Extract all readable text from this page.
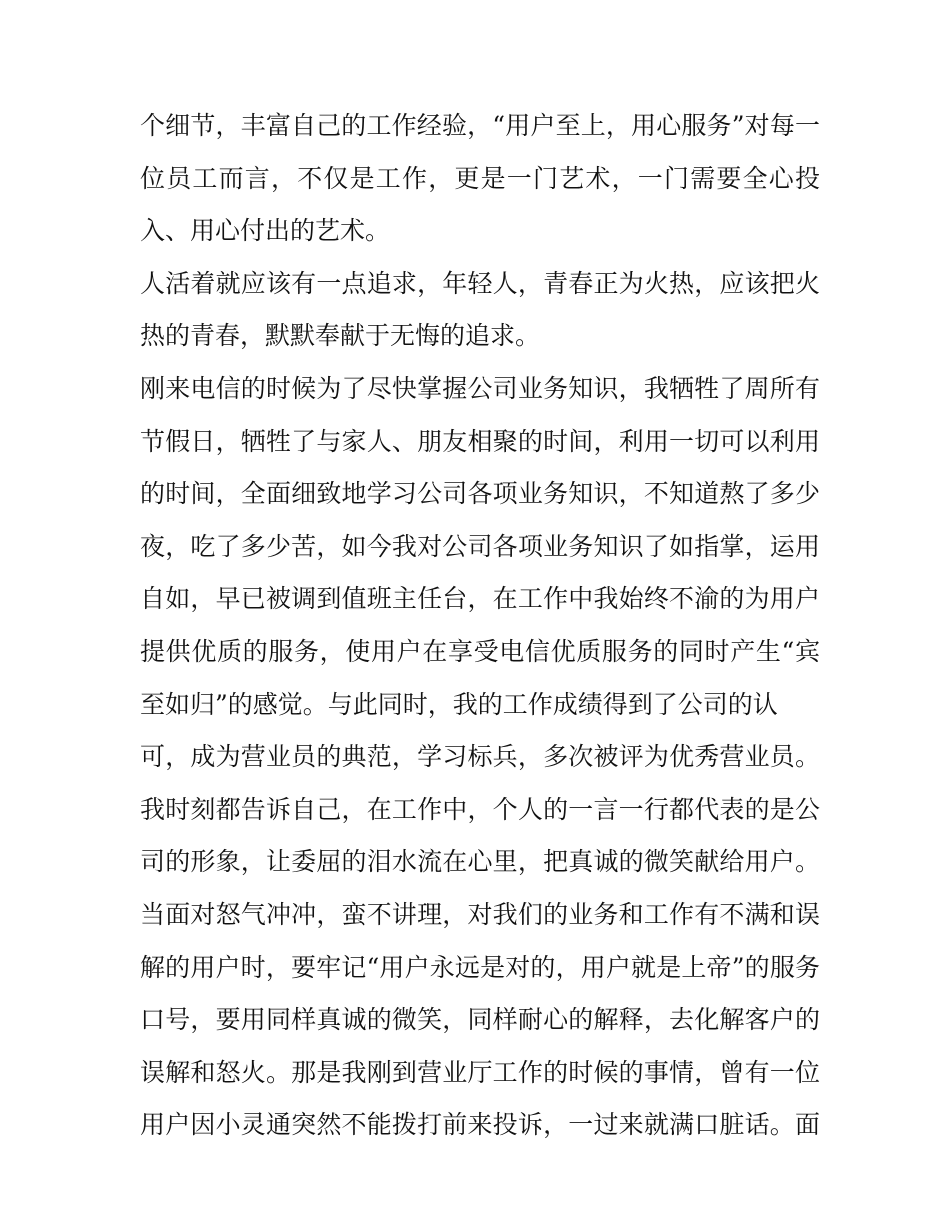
个细节，丰富自己的工作经验，“用户至上，用心服务”对每一
位员工而言，不仅是工作，更是一门艺术，一门需要全心投
入、用心付出的艺术。
人活着就应该有一点追求，年轻人，青春正为火热，应该把火
热的青春，默默奉献于无悔的追求。
刚来电信的时候为了尽快掌握公司业务知识，我牺牲了周所有
节假日，牺牲了与家人、朋友相聚的时间，利用一切可以利用
的时间，全面细致地学习公司各项业务知识，不知道熬了多少
夜，吃了多少苦，如今我对公司各项业务知识了如指掌，运用
自如，早已被调到值班主任台，在工作中我始终不渝的为用户
提供优质的服务，使用户在享受电信优质服务的同时产生“宾
至如归”的感觉。与此同时，我的工作成绩得到了公司的认
可，成为营业员的典范，学习标兵，多次被评为优秀营业员。
我时刻都告诉自己，在工作中，个人的一言一行都代表的是公
司的形象，让委屈的泪水流在心里，把真诚的微笑献给用户。
当面对怒气冲冲，蛮不讲理，对我们的业务和工作有不满和误
解的用户时，要牢记“用户永远是对的，用户就是上帝”的服务
口号，要用同样真诚的微笑，同样耐心的解释，去化解客户的
误解和怒火。那是我刚到营业厅工作的时候的事情，曾有一位
用户因小灵通突然不能拨打前来投诉，一过来就满口脏话。面
